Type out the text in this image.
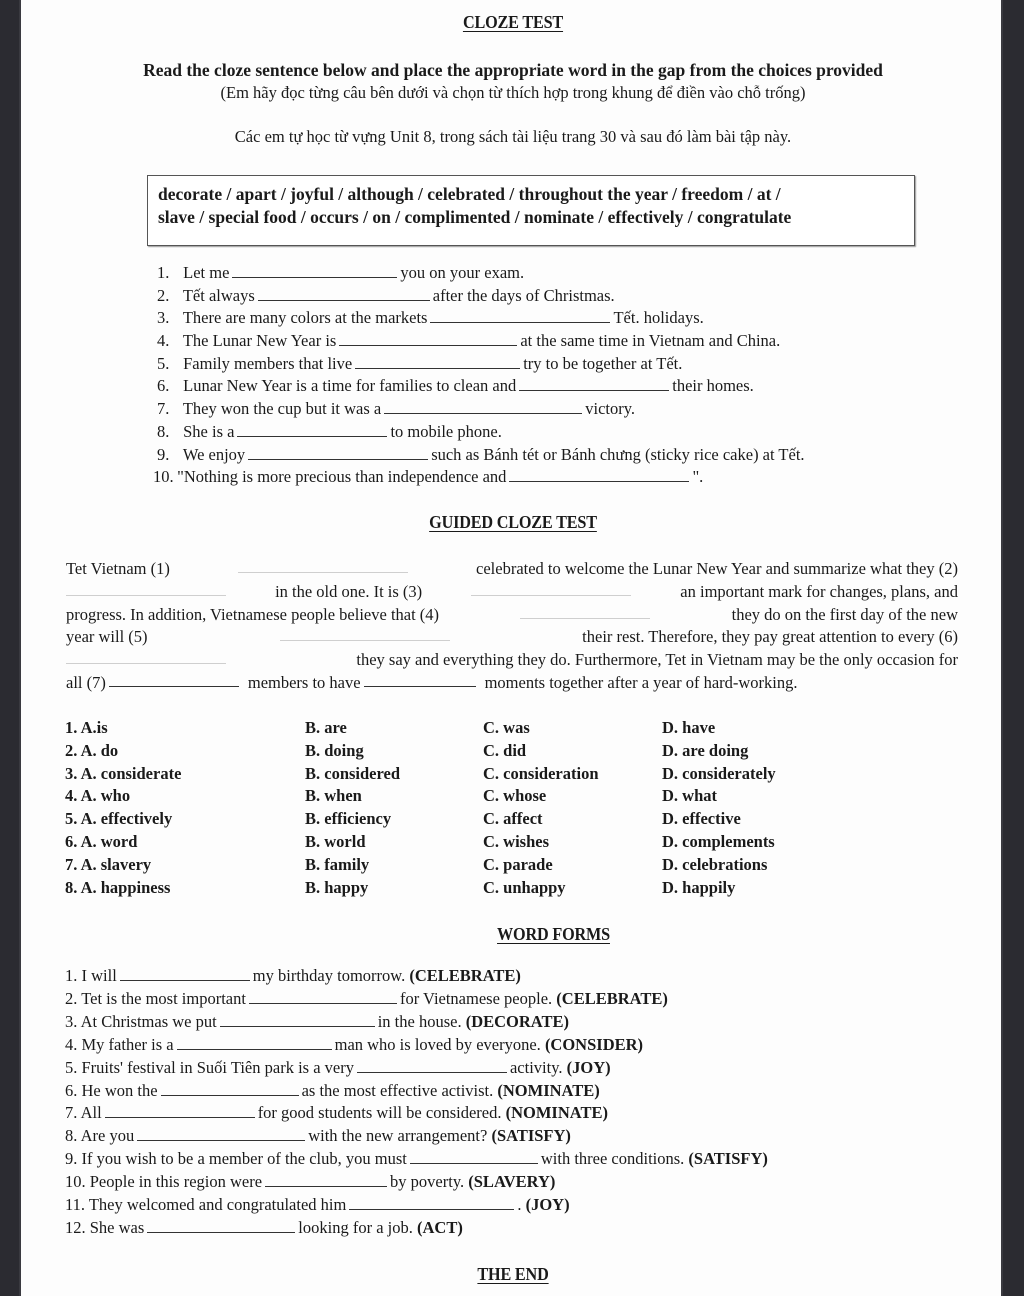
CLOZE TEST
Read the cloze sentence below and place the appropriate word in the gap from the choices provided
(Em hãy đọc từng câu bên dưới và chọn từ thích hợp trong khung để điền vào chỗ trống)
Các em tự học từ vựng Unit 8, trong sách tài liệu trang 30 và sau đó làm bài tập này.
decorate / apart / joyful / although / celebrated / throughout the year / freedom / at /
slave / special food / occurs / on / complimented / nominate / effectively / congratulate
1. Let me	you on your exam.
2. Tết always	after the days of Christmas.
3. There are many colors at the markets	Tết. holidays.
4. The Lunar New Year is	at the same time in Vietnam and China.
5. Family members that live	try to be together at Tết.
6. Lunar New Year is a time for families to clean and	their homes.
7. They won the cup but it was a	victory.
8. She is a	to mobile phone.
9. We enjoy	such as Bánh tét or Bánh chưng (sticky rice cake) at Tết.
10. "Nothing is more precious than independence and	".
GUIDED CLOZE TEST
Tet Vietnam (1)	celebrated to welcome the Lunar New Year and summarize what they (2)
in the old one. It is (3)	an important mark for changes, plans, and
progress. In addition, Vietnamese people believe that (4)	they do on the first day of the new
year will (5)	their rest. Therefore, they pay great attention to every (6)
they say and everything they do. Furthermore, Tet in Vietnam may be the only occasion for
all (7)	members to have	moments together after a year of hard-working.
1. A.is	B. are	C. was	D. have
2. A. do	B. doing	C. did	D. are doing
3. A. considerate	B. considered	C. consideration	D. considerately
4. A. who	B. when	C. whose	D. what
5. A. effectively	B. efficiency	C. affect	D. effective
6. A. word	B. world	C. wishes	D. complements
7. A. slavery	B. family	C. parade	D. celebrations
8. A. happiness	B. happy	C. unhappy	D. happily
WORD FORMS
1. I will	my birthday tomorrow. (CELEBRATE)
2. Tet is the most important	for Vietnamese people. (CELEBRATE)
3. At Christmas we put	in the house. (DECORATE)
4. My father is a	man who is loved by everyone. (CONSIDER)
5. Fruits' festival in Suối Tiên park is a very	activity. (JOY)
6. He won the	as the most effective activist. (NOMINATE)
7. All	for good students will be considered. (NOMINATE)
8. Are you	with the new arrangement? (SATISFY)
9. If you wish to be a member of the club, you must	with three conditions. (SATISFY)
10. People in this region were	by poverty. (SLAVERY)
11. They welcomed and congratulated him	. (JOY)
12. She was	looking for a job. (ACT)
THE END
